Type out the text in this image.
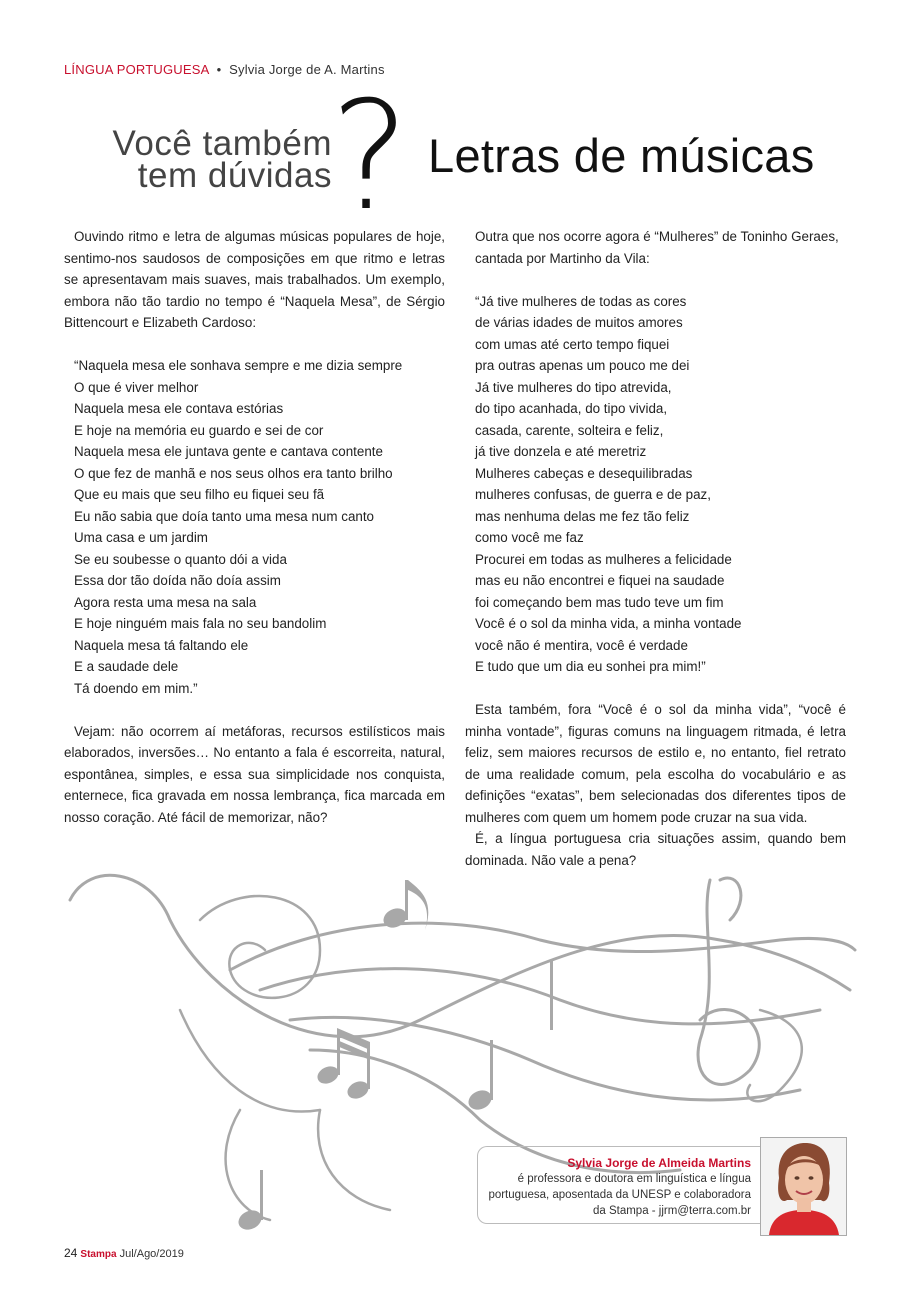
LÍNGUA PORTUGUESA • Sylvia Jorge de A. Martins
Você também
tem dúvidas
? Letras de músicas

Ouvindo ritmo e letra de algumas músicas populares de hoje, sentimo-nos saudosos de composições em que ritmo e letras se apresentavam mais suaves, mais trabalhados. Um exemplo, embora não tão tardio no tempo é “Naquela Mesa”, de Sérgio Bittencourt e Elizabeth Cardoso:

“Naquela mesa ele sonhava sempre e me dizia sempre
O que é viver melhor
Naquela mesa ele contava estórias
E hoje na memória eu guardo e sei de cor
Naquela mesa ele juntava gente e cantava contente
O que fez de manhã e nos seus olhos era tanto brilho
Que eu mais que seu filho eu fiquei seu fã
Eu não sabia que doía tanto uma mesa num canto
Uma casa e um jardim
Se eu soubesse o quanto dói a vida
Essa dor tão doída não doía assim
Agora resta uma mesa na sala
E hoje ninguém mais fala no seu bandolim
Naquela mesa tá faltando ele
E a saudade dele
Tá doendo em mim.”

Vejam: não ocorrem aí metáforas, recursos estilísticos mais elaborados, inversões… No entanto a fala é escorreita, natural, espontânea, simples, e essa sua simplicidade nos conquista, enternece, fica gravada em nossa lembrança, fica marcada em nosso coração. Até fácil de memorizar, não?

Outra que nos ocorre agora é “Mulheres” de Toninho Geraes, cantada por Martinho da Vila:

“Já tive mulheres de todas as cores
de várias idades de muitos amores
com umas até certo tempo fiquei
pra outras apenas um pouco me dei
Já tive mulheres do tipo atrevida,
do tipo acanhada, do tipo vivida,
casada, carente, solteira e feliz,
já tive donzela e até meretriz
Mulheres cabeças e desequilibradas
mulheres confusas, de guerra e de paz,
mas nenhuma delas me fez tão feliz
como você me faz
Procurei em todas as mulheres a felicidade
mas eu não encontrei e fiquei na saudade
foi começando bem mas tudo teve um fim
Você é o sol da minha vida, a minha vontade
você não é mentira, você é verdade
E tudo que um dia eu sonhei pra mim!”

Esta também, fora “Você é o sol da minha vida”, “você é minha vontade”, figuras comuns na linguagem ritmada, é letra feliz, sem maiores recursos de estilo e, no entanto, fiel retrato de uma realidade comum, pela escolha do vocabulário e as definições “exatas”, bem selecionadas dos diferentes tipos de mulheres com quem um homem pode cruzar na sua vida.

É, a língua portuguesa cria situações assim, quando bem dominada. Não vale a pena?

Sylvia Jorge de Almeida Martins
é professora e doutora em linguística e língua
portuguesa, aposentada da UNESP e colaboradora
da Stampa - jjrm@terra.com.br
24 Stampa Jul/Ago/2019
